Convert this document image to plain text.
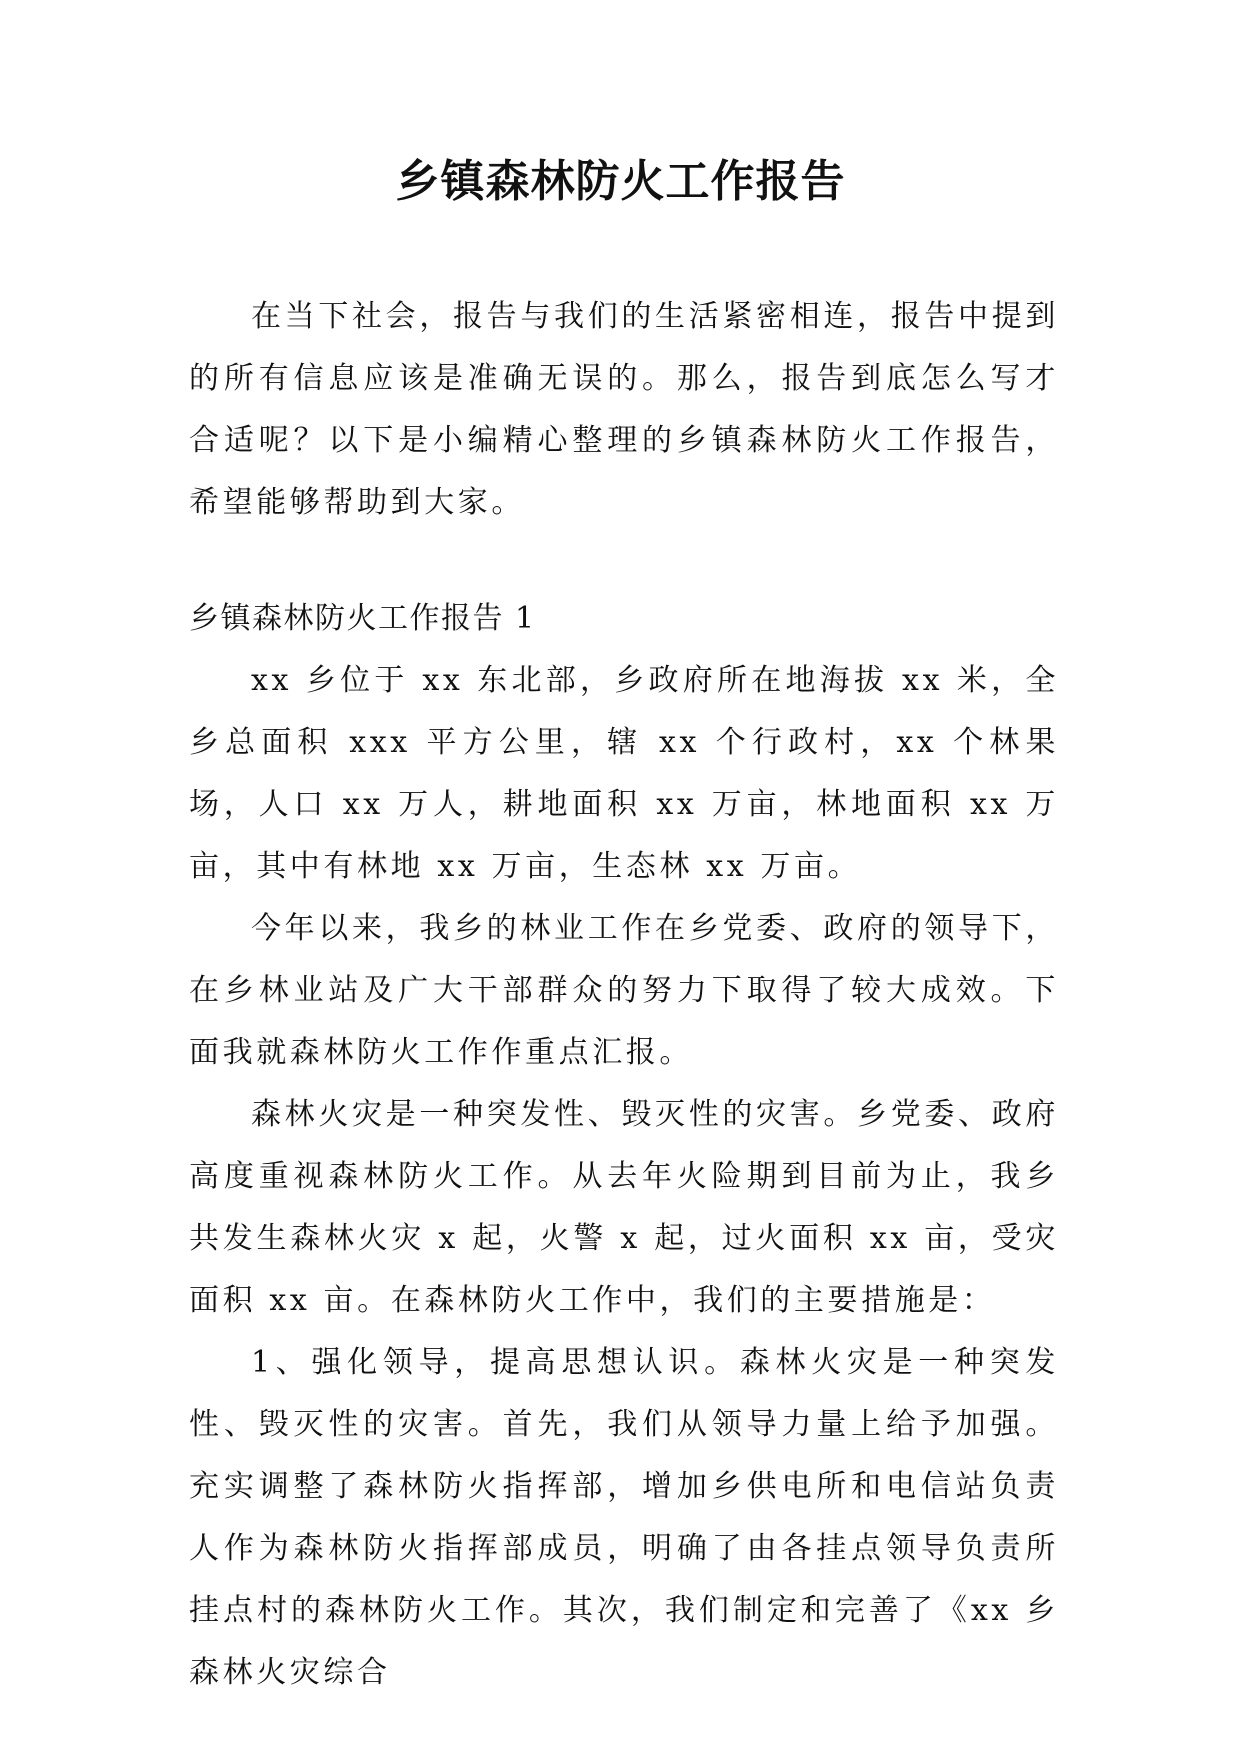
乡镇森林防火工作报告

在当下社会，报告与我们的生活紧密相连，报告中提到的所有信息应该是准确无误的。那么，报告到底怎么写才合适呢？以下是小编精心整理的乡镇森林防火工作报告，希望能够帮助到大家。

乡镇森林防火工作报告 1

xx 乡位于 xx 东北部，乡政府所在地海拔 xx 米，全乡总面积 xxx 平方公里，辖 xx 个行政村，xx 个林果场，人口 xx 万人，耕地面积 xx 万亩，林地面积 xx 万亩，其中有林地 xx 万亩，生态林 xx 万亩。

今年以来，我乡的林业工作在乡党委、政府的领导下，在乡林业站及广大干部群众的努力下取得了较大成效。下面我就森林防火工作作重点汇报。

森林火灾是一种突发性、毁灭性的灾害。乡党委、政府高度重视森林防火工作。从去年火险期到目前为止，我乡共发生森林火灾 x 起，火警 x 起，过火面积 xx 亩，受灾面积 xx 亩。在森林防火工作中，我们的主要措施是：

1、强化领导，提高思想认识。森林火灾是一种突发性、毁灭性的灾害。首先，我们从领导力量上给予加强。充实调整了森林防火指挥部，增加乡供电所和电信站负责人作为森林防火指挥部成员，明确了由各挂点领导负责所挂点村的森林防火工作。其次，我们制定和完善了《xx 乡森林火灾综合
